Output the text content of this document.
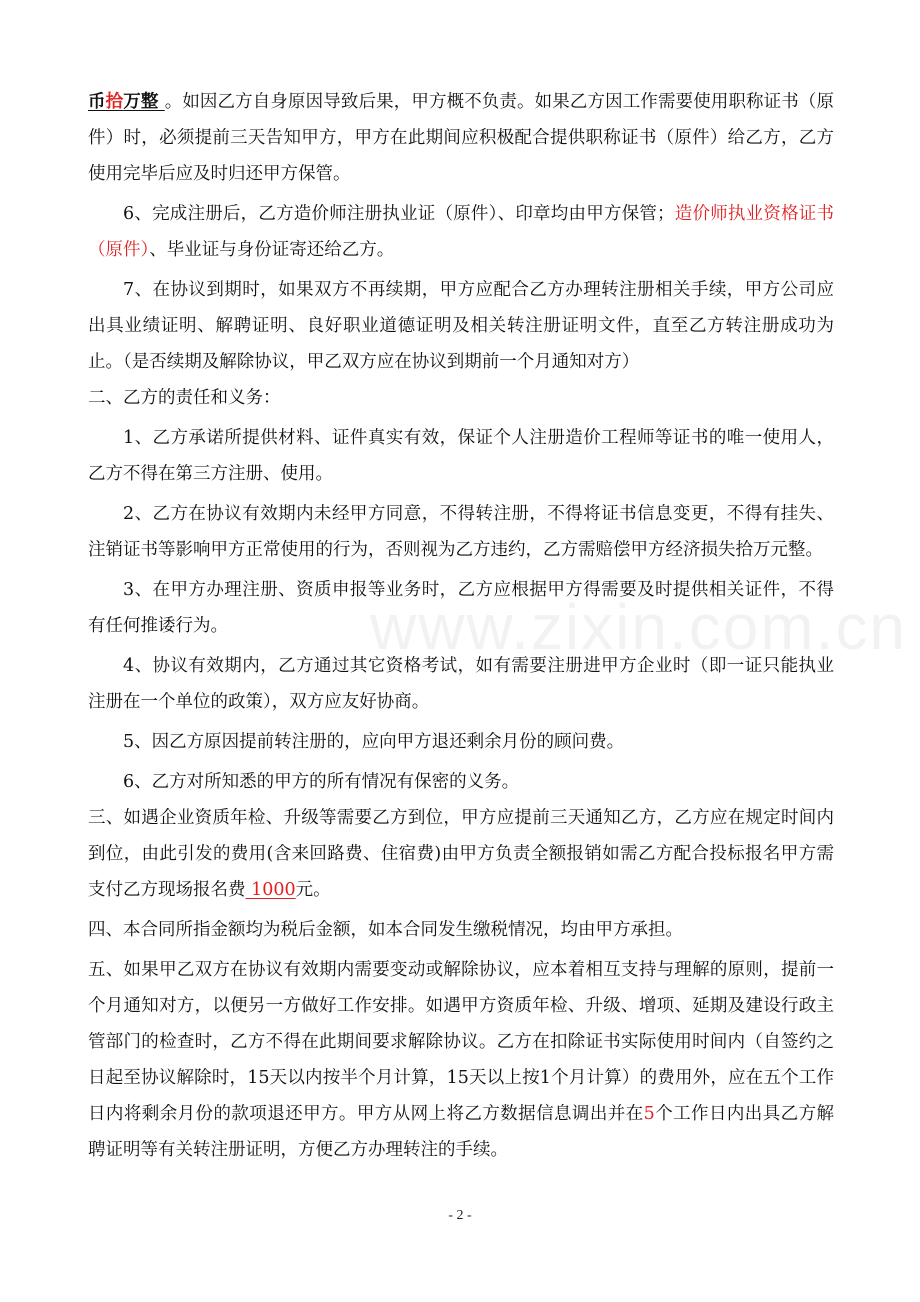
币拾万整 。如因乙方自身原因导致后果，甲方概不负责。如果乙方因工作需要使用职称证书（原件）时，必须提前三天告知甲方，甲方在此期间应积极配合提供职称证书（原件）给乙方，乙方使用完毕后应及时归还甲方保管。

6、完成注册后，乙方造价师注册执业证（原件）、印章均由甲方保管；造价师执业资格证书（原件）、毕业证与身份证寄还给乙方。

7、在协议到期时，如果双方不再续期，甲方应配合乙方办理转注册相关手续，甲方公司应出具业绩证明、解聘证明、良好职业道德证明及相关转注册证明文件，直至乙方转注册成功为止。（是否续期及解除协议，甲乙双方应在协议到期前一个月通知对方）

二、乙方的责任和义务：

1、乙方承诺所提供材料、证件真实有效，保证个人注册造价工程师等证书的唯一使用人，乙方不得在第三方注册、使用。

2、乙方在协议有效期内未经甲方同意，不得转注册，不得将证书信息变更，不得有挂失、注销证书等影响甲方正常使用的行为，否则视为乙方违约，乙方需赔偿甲方经济损失拾万元整。

3、在甲方办理注册、资质申报等业务时，乙方应根据甲方得需要及时提供相关证件，不得有任何推诿行为。

4、协议有效期内，乙方通过其它资格考试，如有需要注册进甲方企业时（即一证只能执业注册在一个单位的政策），双方应友好协商。

5、因乙方原因提前转注册的，应向甲方退还剩余月份的顾问费。

6、乙方对所知悉的甲方的所有情况有保密的义务。

三、如遇企业资质年检、升级等需要乙方到位，甲方应提前三天通知乙方，乙方应在规定时间内到位，由此引发的费用(含来回路费、住宿费)由甲方负责全额报销如需乙方配合投标报名甲方需支付乙方现场报名费 1000元。

四、本合同所指金额均为税后金额，如本合同发生缴税情况，均由甲方承担。

五、如果甲乙双方在协议有效期内需要变动或解除协议，应本着相互支持与理解的原则，提前一个月通知对方，以便另一方做好工作安排。如遇甲方资质年检、升级、增项、延期及建设行政主管部门的检查时，乙方不得在此期间要求解除协议。乙方在扣除证书实际使用时间内（自签约之日起至协议解除时，15天以内按半个月计算，15天以上按1个月计算）的费用外，应在五个工作日内将剩余月份的款项退还甲方。甲方从网上将乙方数据信息调出并在5个工作日内出具乙方解聘证明等有关转注册证明，方便乙方办理转注的手续。

www.zixin.com.cn
- 2 -
